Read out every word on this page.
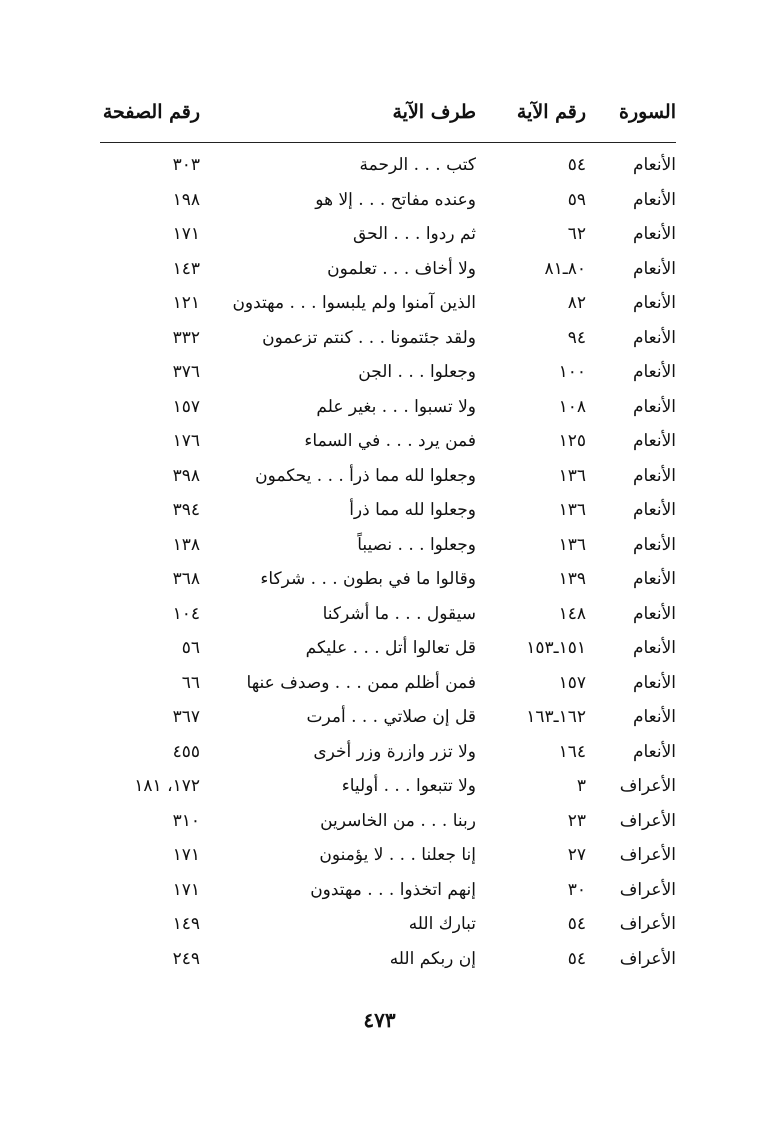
السورة
رقم الآية
طرف الآية
رقم الصفحة
الأنعام
٥٤
كتب . . . الرحمة
٣٠٣
الأنعام
٥٩
وعنده مفاتح . . . إلا هو
١٩٨
الأنعام
٦٢
ثم ردوا . . . الحق
١٧١
الأنعام
٨٠ـ٨١
ولا أخاف . . . تعلمون
١٤٣
الأنعام
٨٢
الذين آمنوا ولم يلبسوا . . . مهتدون
١٢١
الأنعام
٩٤
ولقد جئتمونا . . . كنتم تزعمون
٣٣٢
الأنعام
١٠٠
وجعلوا . . . الجن
٣٧٦
الأنعام
١٠٨
ولا تسبوا . . . بغير علم
١٥٧
الأنعام
١٢٥
فمن يرد . . . في السماء
١٧٦
الأنعام
١٣٦
وجعلوا لله مما ذرأ . . . يحكمون
٣٩٨
الأنعام
١٣٦
وجعلوا لله مما ذرأ
٣٩٤
الأنعام
١٣٦
وجعلوا . . . نصيباً
١٣٨
الأنعام
١٣٩
وقالوا ما في بطون . . . شركاء
٣٦٨
الأنعام
١٤٨
سيقول . . . ما أشركنا
١٠٤
الأنعام
١٥١ـ١٥٣
قل تعالوا أتل . . . عليكم
٥٦
الأنعام
١٥٧
فمن أظلم ممن . . . وصدف عنها
٦٦
الأنعام
١٦٢ـ١٦٣
قل إن صلاتي . . . أمرت
٣٦٧
الأنعام
١٦٤
ولا تزر وازرة وزر أخرى
٤٥٥
الأعراف
٣
ولا تتبعوا . . . أولياء
١٧٢، ١٨١
الأعراف
٢٣
ربنا . . . من الخاسرين
٣١٠
الأعراف
٢٧
إنا جعلنا . . . لا يؤمنون
١٧١
الأعراف
٣٠
إنهم اتخذوا . . . مهتدون
١٧١
الأعراف
٥٤
تبارك الله
١٤٩
الأعراف
٥٤
إن ربكم الله
٢٤٩
٤٧٣
